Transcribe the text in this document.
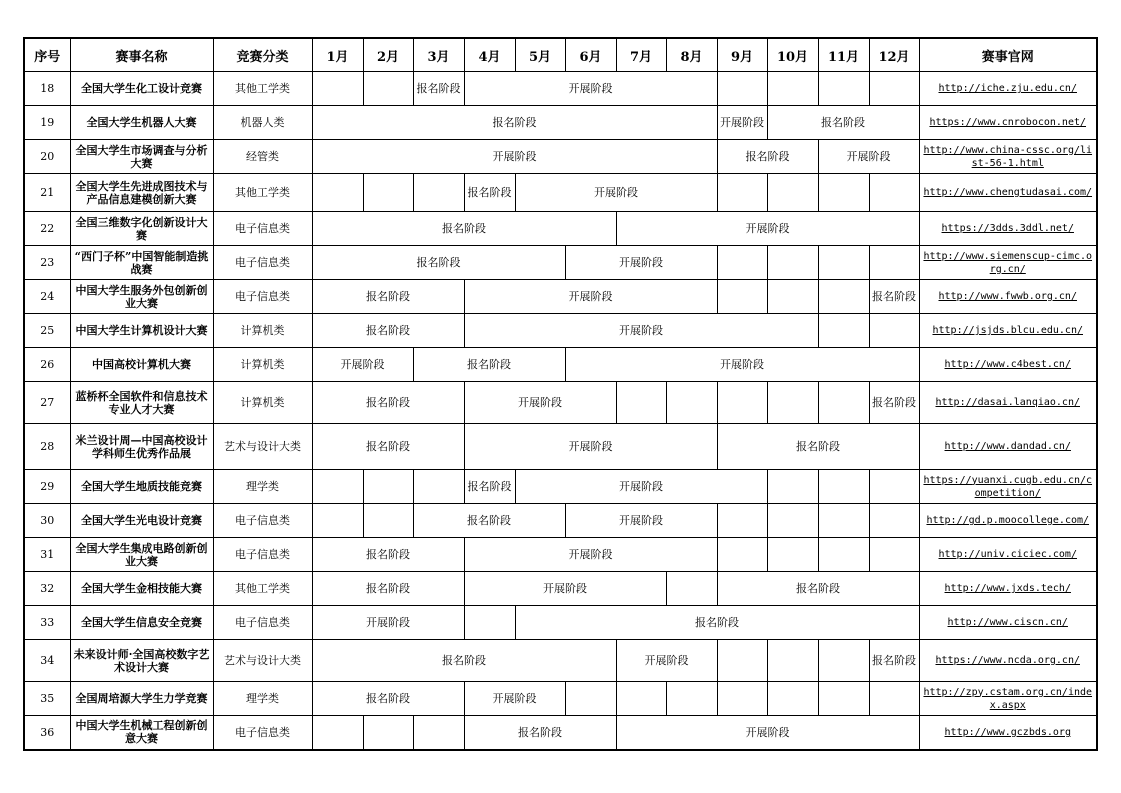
序号	赛事名称	竞赛分类	1月	2月	3月	4月	5月	6月	7月	8月	9月	10月	11月	12月	赛事官网
18	全国大学生化工设计竞赛	其他工学类			报名阶段	开展阶段									http://iche.zju.edu.cn/
19	全国大学生机器人大赛	机器人类	报名阶段								开展阶段	报名阶段			https://www.cnrobocon.net/
20	全国大学生市场调查与分析大赛	经管类	开展阶段								报名阶段		开展阶段		http://www.china-cssc.org/list-56-1.html
21	全国大学生先进成图技术与产品信息建模创新大赛	其他工学类				报名阶段	开展阶段								http://www.chengtudasai.com/
22	全国三维数字化创新设计大赛	电子信息类	报名阶段						开展阶段						https://3dds.3ddl.net/
23	“西门子杯”中国智能制造挑战赛	电子信息类	报名阶段					开展阶段							http://www.siemenscup-cimc.org.cn/
24	中国大学生服务外包创新创业大赛	电子信息类	报名阶段			开展阶段								报名阶段	http://www.fwwb.org.cn/
25	中国大学生计算机设计大赛	计算机类	报名阶段			开展阶段									http://jsjds.blcu.edu.cn/
26	中国高校计算机大赛	计算机类	开展阶段		报名阶段			开展阶段							http://www.c4best.cn/
27	蓝桥杯全国软件和信息技术专业人才大赛	计算机类	报名阶段			开展阶段								报名阶段	http://dasai.lanqiao.cn/
28	米兰设计周—中国高校设计学科师生优秀作品展	艺术与设计大类	报名阶段			开展阶段					报名阶段				http://www.dandad.cn/
29	全国大学生地质技能竞赛	理学类				报名阶段	开展阶段								https://yuanxi.cugb.edu.cn/competition/
30	全国大学生光电设计竞赛	电子信息类			报名阶段			开展阶段							http://gd.p.moocollege.com/
31	全国大学生集成电路创新创业大赛	电子信息类	报名阶段			开展阶段									http://univ.ciciec.com/
32	全国大学生金相技能大赛	其他工学类	报名阶段			开展阶段					报名阶段				http://www.jxds.tech/
33	全国大学生信息安全竞赛	电子信息类	开展阶段				报名阶段								http://www.ciscn.cn/
34	未来设计师·全国高校数字艺术设计大赛	艺术与设计大类	报名阶段						开展阶段					报名阶段	https://www.ncda.org.cn/
35	全国周培源大学生力学竞赛	理学类	报名阶段			开展阶段									http://zpy.cstam.org.cn/index.aspx
36	中国大学生机械工程创新创意大赛	电子信息类				报名阶段			开展阶段						http://www.gczbds.org
